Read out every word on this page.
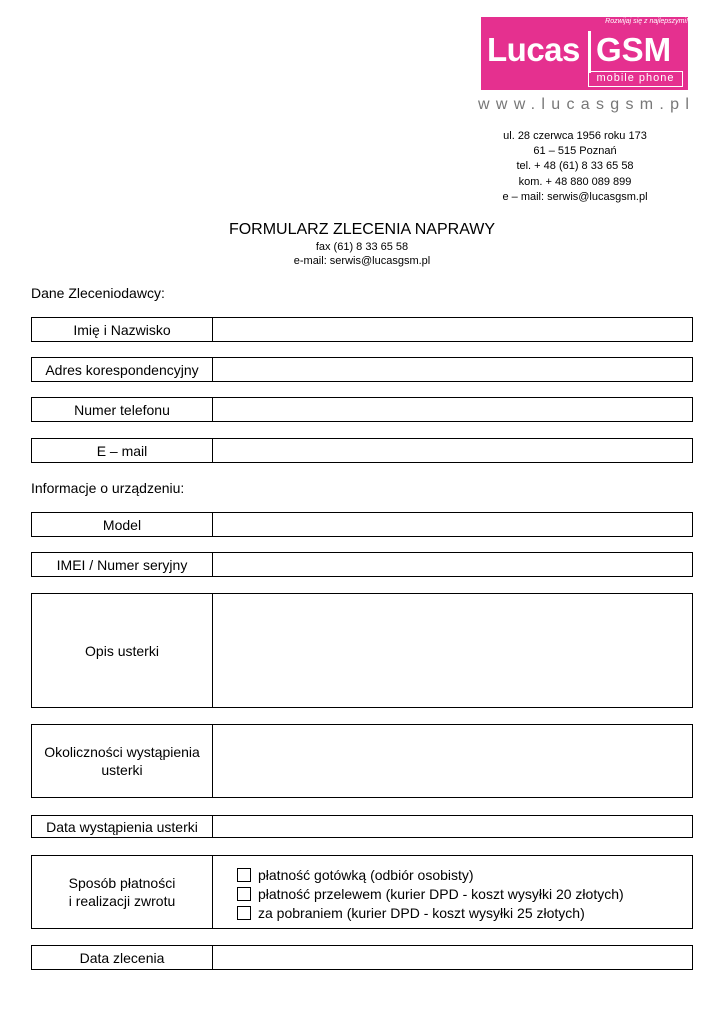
Rozwijaj się z najlepszymi!
Lucas GSM
mobile phone
www.lucasgsm.pl
ul. 28 czerwca 1956 roku 173
61 – 515 Poznań
tel. + 48 (61) 8 33 65 58
kom. + 48 880 089 899
e – mail: serwis@lucasgsm.pl
FORMULARZ ZLECENIA NAPRAWY
fax (61) 8 33 65 58
e-mail: serwis@lucasgsm.pl
Dane Zleceniodawcy:
Imię i Nazwisko
Adres korespondencyjny
Numer telefonu
E – mail
Informacje o urządzeniu:
Model
IMEI / Numer seryjny
Opis usterki
Okoliczności wystąpienia usterki
Data wystąpienia usterki
Sposób płatności
i realizacji zwrotu
płatność gotówką (odbiór osobisty)
płatność przelewem (kurier DPD - koszt wysyłki 20 złotych)
za pobraniem (kurier DPD - koszt wysyłki 25 złotych)
Data zlecenia
